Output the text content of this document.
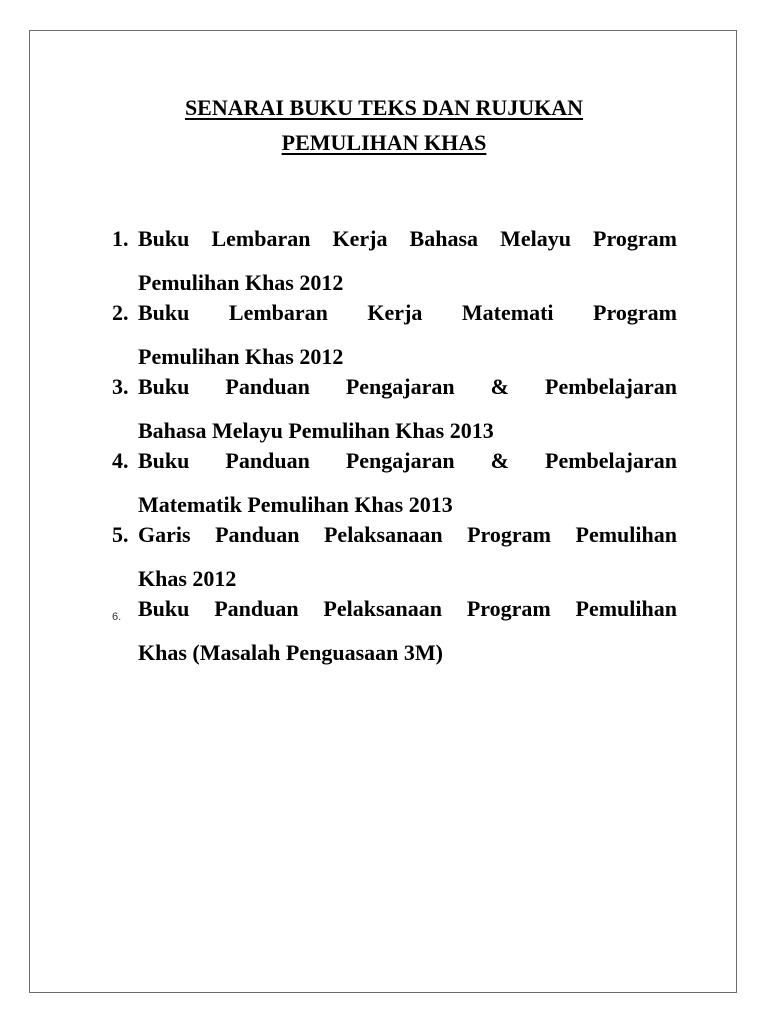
SENARAI BUKU TEKS DAN RUJUKAN
PEMULIHAN KHAS
1. Buku Lembaran Kerja Bahasa Melayu Program
Pemulihan Khas 2012
2. Buku Lembaran Kerja Matemati Program
Pemulihan Khas 2012
3. Buku Panduan Pengajaran & Pembelajaran
Bahasa Melayu Pemulihan Khas 2013
4. Buku Panduan Pengajaran & Pembelajaran
Matematik Pemulihan Khas 2013
5. Garis Panduan Pelaksanaan Program Pemulihan
Khas 2012
6. Buku Panduan Pelaksanaan Program Pemulihan
Khas (Masalah Penguasaan 3M)
